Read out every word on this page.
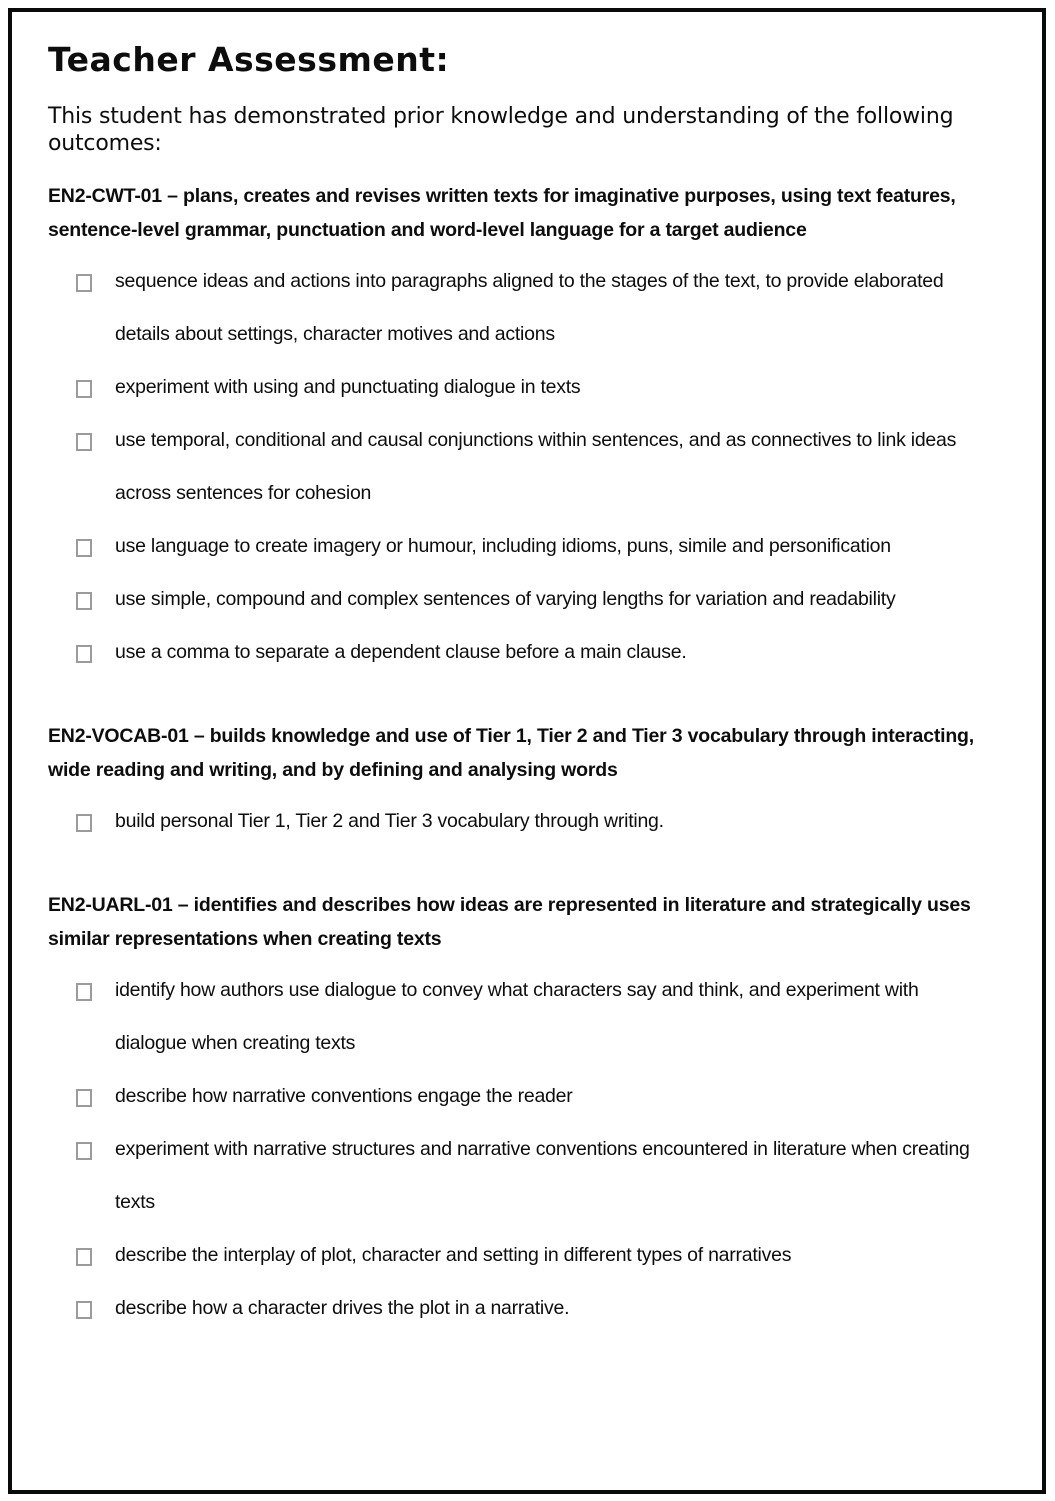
Teacher Assessment:
This student has demonstrated prior knowledge and understanding of the following outcomes:
EN2-CWT-01 – plans, creates and revises written texts for imaginative purposes, using text features, sentence-level grammar, punctuation and word-level language for a target audience
sequence ideas and actions into paragraphs aligned to the stages of the text, to provide elaborated details about settings, character motives and actions
experiment with using and punctuating dialogue in texts
use temporal, conditional and causal conjunctions within sentences, and as connectives to link ideas across sentences for cohesion
use language to create imagery or humour, including idioms, puns, simile and personification
use simple, compound and complex sentences of varying lengths for variation and readability
use a comma to separate a dependent clause before a main clause.
EN2-VOCAB-01 – builds knowledge and use of Tier 1, Tier 2 and Tier 3 vocabulary through interacting, wide reading and writing, and by defining and analysing words
build personal Tier 1, Tier 2 and Tier 3 vocabulary through writing.
EN2-UARL-01 – identifies and describes how ideas are represented in literature and strategically uses similar representations when creating texts
identify how authors use dialogue to convey what characters say and think, and experiment with dialogue when creating texts
describe how narrative conventions engage the reader
experiment with narrative structures and narrative conventions encountered in literature when creating texts
describe the interplay of plot, character and setting in different types of narratives
describe how a character drives the plot in a narrative.
